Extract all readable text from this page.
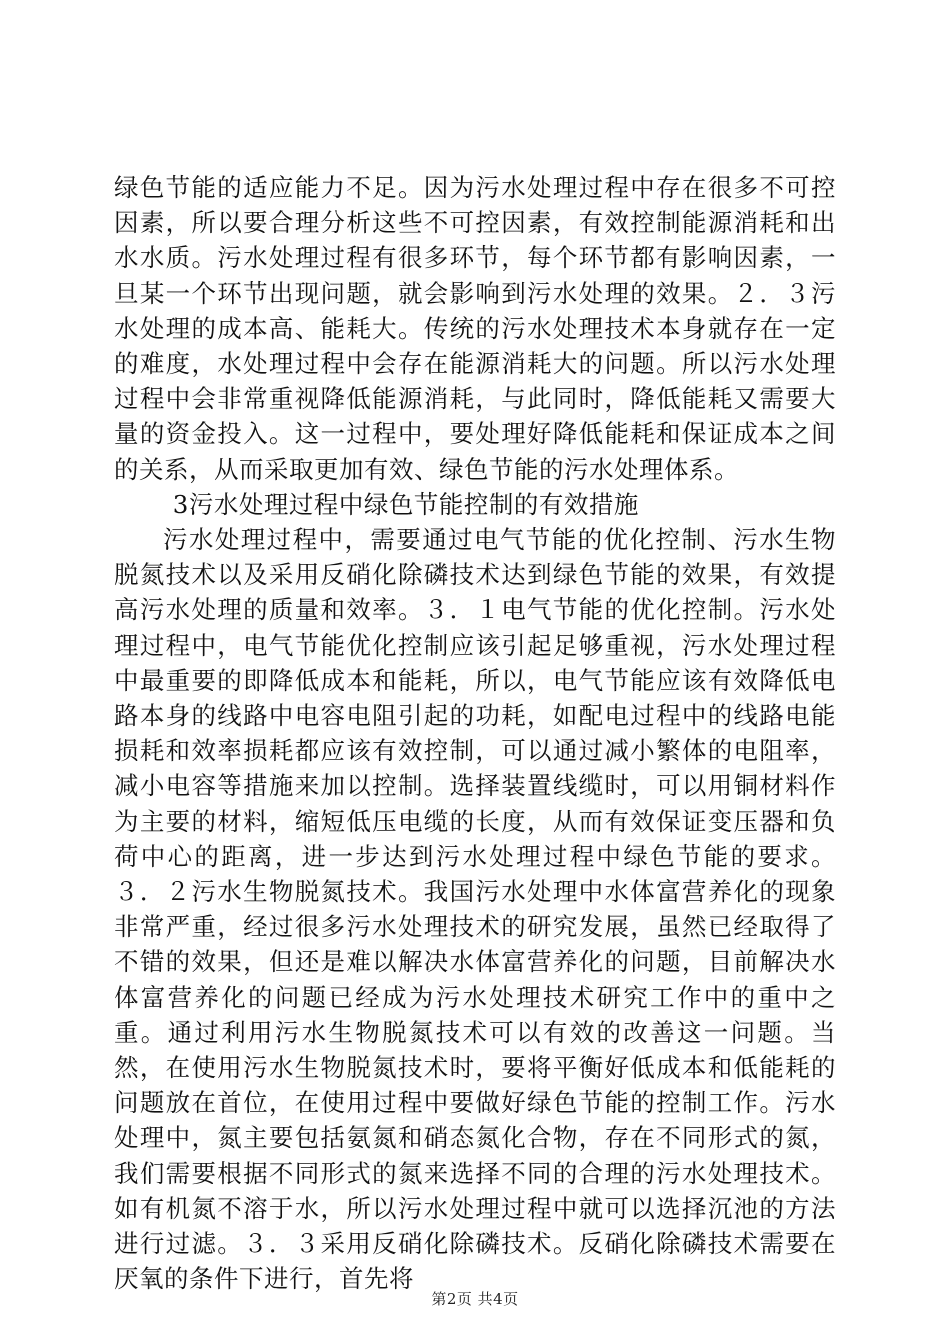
绿色节能的适应能力不足。因为污水处理过程中存在很多不可控因素，所以要合理分析这些不可控因素，有效控制能源消耗和出水水质。污水处理过程有很多环节，每个环节都有影响因素，一旦某一个环节出现问题，就会影响到污水处理的效果。２．３污水处理的成本高、能耗大。传统的污水处理技术本身就存在一定的难度，水处理过程中会存在能源消耗大的问题。所以污水处理过程中会非常重视降低能源消耗，与此同时，降低能耗又需要大量的资金投入。这一过程中，要处理好降低能耗和保证成本之间的关系，从而采取更加有效、绿色节能的污水处理体系。

3污水处理过程中绿色节能控制的有效措施

污水处理过程中，需要通过电气节能的优化控制、污水生物脱氮技术以及采用反硝化除磷技术达到绿色节能的效果，有效提高污水处理的质量和效率。３．１电气节能的优化控制。污水处理过程中，电气节能优化控制应该引起足够重视，污水处理过程中最重要的即降低成本和能耗，所以，电气节能应该有效降低电路本身的线路中电容电阻引起的功耗，如配电过程中的线路电能损耗和效率损耗都应该有效控制，可以通过减小繁体的电阻率，减小电容等措施来加以控制。选择装置线缆时，可以用铜材料作为主要的材料，缩短低压电缆的长度，从而有效保证变压器和负荷中心的距离，进一步达到污水处理过程中绿色节能的要求。３．２污水生物脱氮技术。我国污水处理中水体富营养化的现象非常严重，经过很多污水处理技术的研究发展，虽然已经取得了不错的效果，但还是难以解决水体富营养化的问题，目前解决水体富营养化的问题已经成为污水处理技术研究工作中的重中之重。通过利用污水生物脱氮技术可以有效的改善这一问题。当然，在使用污水生物脱氮技术时，要将平衡好低成本和低能耗的问题放在首位，在使用过程中要做好绿色节能的控制工作。污水处理中，氮主要包括氨氮和硝态氮化合物，存在不同形式的氮，我们需要根据不同形式的氮来选择不同的合理的污水处理技术。如有机氮不溶于水，所以污水处理过程中就可以选择沉池的方法进行过滤。３．３采用反硝化除磷技术。反硝化除磷技术需要在厌氧的条件下进行，首先将

第2页 共4页
